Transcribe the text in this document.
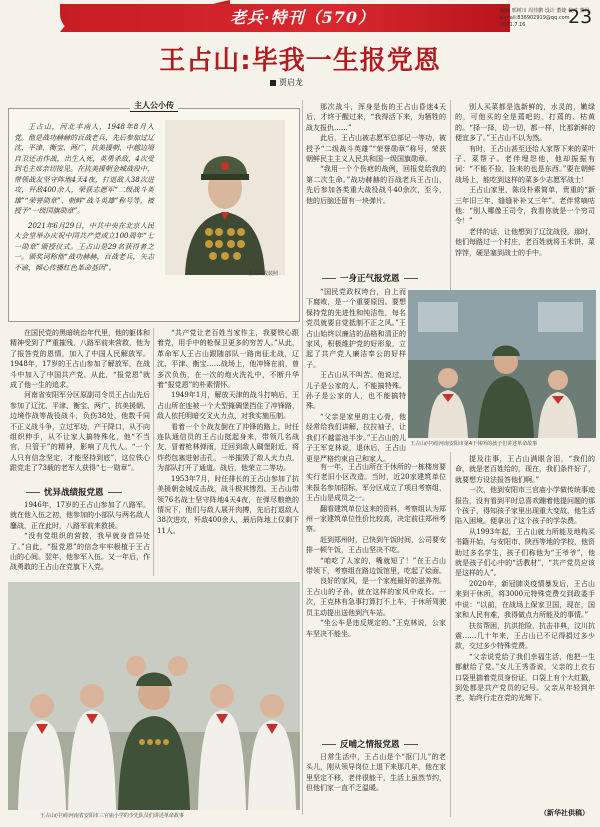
老兵·特刊（570）	编辑 邢树川 周佳鹏 设计 董婕 校对 郭丹
e-mail:836902919@qq.com 2021.7.16	23
王占山:毕我一生报党恩
贾启龙
主人公小传
王占山，河北丰南人，1948年8月入党。他是战功赫赫的百战老兵，先后参加过辽沈、平津、衡宝、两广、抗美援朝、中越边境自卫还击作战，出生入死，英勇杀敌，4次受到毛主席亲切接见。在抗美援朝金城战役中，带领战友坚守阵地4天4夜，打退敌人38次进攻，歼敌400余人，荣获志愿军“二级战斗英雄”“荣誉勋章”、朝鲜“战斗英雄”称号等，被授予“一级国旗勋章”。
2021年6月29日，中共中央在北京人民大会堂举办庆祝中国共产党成立100周年“七一勋章”颁授仪式。王占山是29名获得者之一。颁奖词称他“战功赫赫，百战老兵，矢志不渝，倾心传播红色革命基因”。
王占山戎装照

在国民党的黑暗统治年代里，他的躯体和精神受到了严重摧残，八路军前来营救，他为了报答党的恩情，加入了中国人民解放军。1948年，17岁的王占山参加了解放军，在战斗中加入了中国共产党。从此，“报党恩”就成了他一生的追求。

河南省安阳军分区原副司令员王占山先后参加了辽沈、平津、衡宝、两广、抗美援朝、边境作战等战役战斗，负伤38处，他数千同不正义战斗争，立过军功，产干降口，从不向组织伸手，从不让家人搞特殊化，他“不当官，只管干”的精神，影响了几代人。“一个人只有信念坚定，才能坚持到底”，这位铁心跟党走了73载的老军人获得“七一勋章”。

忧异战绩报党恩

1946年，17岁的王占山参加了八路军。就在他入伍之初，他参加的小部队与两名敌人鏖战，正在此时，八路军前来救援。

“没有党组织的营救，我早就身首异处了。”自此，“报党恩”的信念牢牢根植于王占山的心间。翌年，他参军入伍。又一年后，作战勇敢的王占山在党旗下入党。

“共产党让老百姓当家作主，我要铁心跟着党，用手中的枪保卫更多的穷苦人。”从此，革命军人王占山跟随部队一路南征北战，辽沈、平津、衡宝……战场上，他冲锋在前，曾多次负伤，在一次的炮火洗礼中，不断升华着“报党恩”的朴素情怀。

1949年1月，解放天津的战斗打响后，王占山所在连被一个大型掩碉堡挡住了冲锋路，敌人依托明暗交叉火力点，对我实施压制。

看着一个个战友倒在了冲锋的路上，时任连队通信员的王占山挺起身来，带领几名战友，冒着枪林弹雨，迂回到敌人碉堡附近，将炸药包塞进射击孔，一举摧毁了敌人火力点，为部队打开了通道。战后，他荣立二等功。

1953年7月，时任排长的王占山参加了抗美援朝金城反击战，战斗极其惨烈。王占山带领76名战士坚守阵地4天4夜，在弹尽粮绝的情况下，他们与敌人展开肉搏，先后打退敌人38次进攻，歼敌400余人，最后阵地上仅剩下11人。

那次战斗，浑身是伤的王占山昏迷4天后，才终于醒过来，“我得活下来，为牺牲的战友报仇……”

此后，王占山被志愿军总部记一等功，被授予“二级战斗英雄”“荣誉勋章”称号，荣获朝鲜民主主义人民共和国一级国旗勋章。

“我用一个个伤疤的战例，回报党给我的第二次生命。”战功赫赫的百战老兵王占山，先后参加各类重大战役战斗40余次，至今，他的后脑还留有一块弹片。

一身正气报党恩

“国民党政权垮台，自上而下腐败，是一个重要原因。要想保持党的先进性和纯洁性，每名党员就要自觉抵制不正之风。”王占山始终以廉洁的品格和清正的家风，积极维护党的好形象，立起了共产党人廉洁奉公的好样子。

王占山从不叫苦。他说过，儿子是公家的人，不能搞特殊。孙子是公家的人，也不能搞特殊。

“父亲是家里的主心骨，他经常给我们讲解，拉拉袖子，让我们不越雷池半步。”王占山的儿子王军克林说，退休后，王占山更是严格约束自己和家人。

有一年，王占山所在干休所的一栋楼房要实行老旧小区改造。当时，近20家建筑单位来报名参加招标，军分区成立了项目考察组，王占山是成员之一。

翻看建筑单位这来的资料，考察组认为郑州一家建筑单位性价比较高，决定前往郑州考察。

赶到郑州时，已快到午饭时间，公司要安排一顿午饭，王占山坚决不吃。

“咱吃了人家的，嘴就短了！”在王占山带领下，考察组在路边饭馆里，吃起了烩面。

良好的家风，是一个家庭最好的滋养剂。王占山的子孙，就在这样的家风中成长。一次，王克林有急事打算打不上车，于休所驾驶员主动提出送他到汽车站。

“坐公车是违反规定的。”王克林说，公家车坚决不能坐。

反哺之情报党恩

日常生活中，王占山是个“抠门儿”的老头儿，刚从领导岗位上退下来那几年，他在家里坚定不移，老伴很能干，生活上虽然节约，但他们家一直不乏温暖。

王占山(中)给河南安阳市第4干休所的孩子们讲述革命故事

别人买菜都是选新鲜的，水灵的，嫩绿的，可他买的全是蔫吧的，打蔫的、枯黄的。“择一择，切一切，都一样，比那新鲜的便宜多了。”王占山不以为然。

有时，王占山甚至还给人家帮下来的菜叶子、菜帮子。老伴埋怨他，他却振振有词：“不能不捡，捡来的也是东西。”要在朝鲜战场上，能吃到这样的菜多少志愿军战士！

王占山家里，陈设朴素简单，贵重的“新三年旧三年，缝缝补补又三年”。老伴常嘀咕他：“别人哪像王司令，我看你就是一个穷司令！”

老伴的话，让他想到了辽沈战役。那时，他们每路过一个村庄，老百姓就将玉米饼、菜饽饽，硬是塞到战士的手中。

提及往事，王占山满眼含泪，“我们的命，就是老百姓给的，现在，我们条件好了，就要想方设法报答他们啊。”

一次，他到安阳市三官庙小学做传统事迹报告，没有看到平时总喜欢蹦着他提问题的那个孩子，得知孩子家里出现重大变故，他生活陷入困境。便拿出了这个孩子的学杂费。

从1993年起，王占山就力所能及地构买书籍开始，与安阳市、陕西等地的学校，他资助过多名学生，孩子们称他为“王爷爷”，他就是孩子们心中的“活教材”，“共产党员应该是这样的人”。

2020年，新冠肺炎疫情暴发后，王占山来到干休所，将3000元特殊党费交到政委手中说：“以前，在战场上保家卫国，现在，国家和人民有难，我得做点力所能及的事情。”

扶贫帮困，抗洪抢险，抗击非典，汶川抗震……几十年来，王占山已不记得捐过多少款，交过多少特殊党费。

“父亲说党给了我们幸福生活，他把一生都献给了党。”女儿王秀香说，父亲的上衣右口袋里揣着党员身份证，口袋上有个大红戳，到处都是共产党员的记号。父亲从年轻到年老，始终行走在党的光辉下。

（新华社供稿）
王占山(中)给河南省安阳市三官庙小学的少先队员们讲述革命故事
